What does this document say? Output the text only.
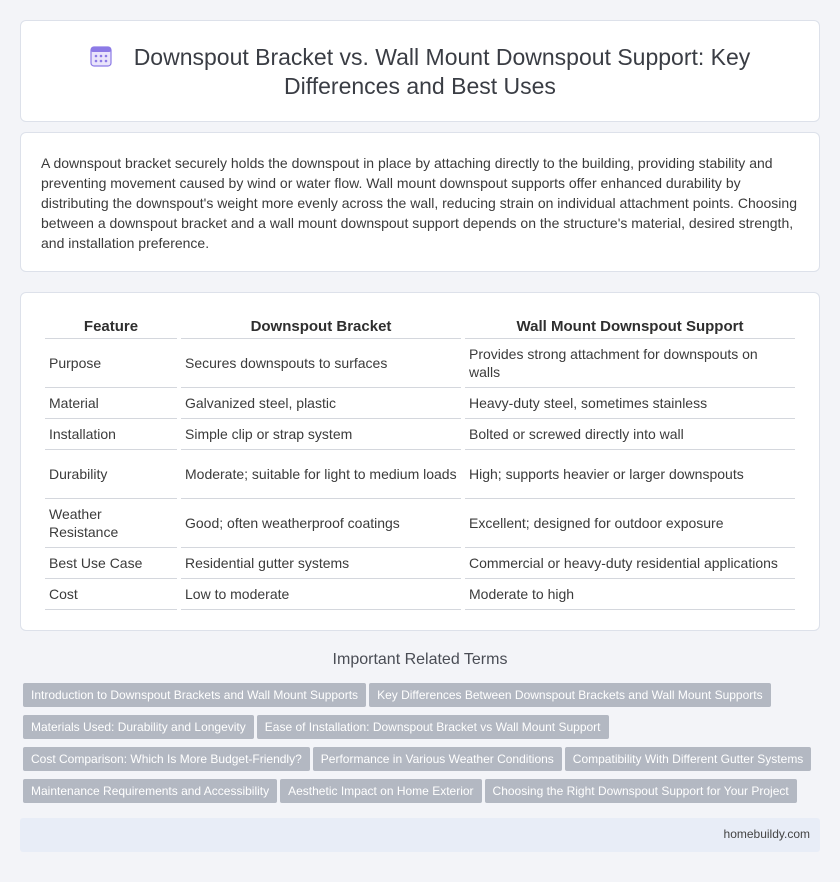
Downspout Bracket vs. Wall Mount Downspout Support: Key Differences and Best Uses

A downspout bracket securely holds the downspout in place by attaching directly to the building, providing stability and preventing movement caused by wind or water flow. Wall mount downspout supports offer enhanced durability by distributing the downspout's weight more evenly across the wall, reducing strain on individual attachment points. Choosing between a downspout bracket and a wall mount downspout support depends on the structure's material, desired strength, and installation preference.

Feature	Downspout Bracket	Wall Mount Downspout Support
Purpose	Secures downspouts to surfaces	Provides strong attachment for downspouts on walls
Material	Galvanized steel, plastic	Heavy-duty steel, sometimes stainless
Installation	Simple clip or strap system	Bolted or screwed directly into wall
Durability	Moderate; suitable for light to medium loads	High; supports heavier or larger downspouts
Weather Resistance	Good; often weatherproof coatings	Excellent; designed for outdoor exposure
Best Use Case	Residential gutter systems	Commercial or heavy-duty residential applications
Cost	Low to moderate	Moderate to high
Important Related Terms
Introduction to Downspout Brackets and Wall Mount Supports Key Differences Between Downspout Brackets and Wall Mount Supports
Materials Used: Durability and Longevity Ease of Installation: Downspout Bracket vs Wall Mount Support
Cost Comparison: Which Is More Budget-Friendly? Performance in Various Weather Conditions Compatibility With Different Gutter Systems
Maintenance Requirements and Accessibility Aesthetic Impact on Home Exterior Choosing the Right Downspout Support for Your Project
homebuildy.com
